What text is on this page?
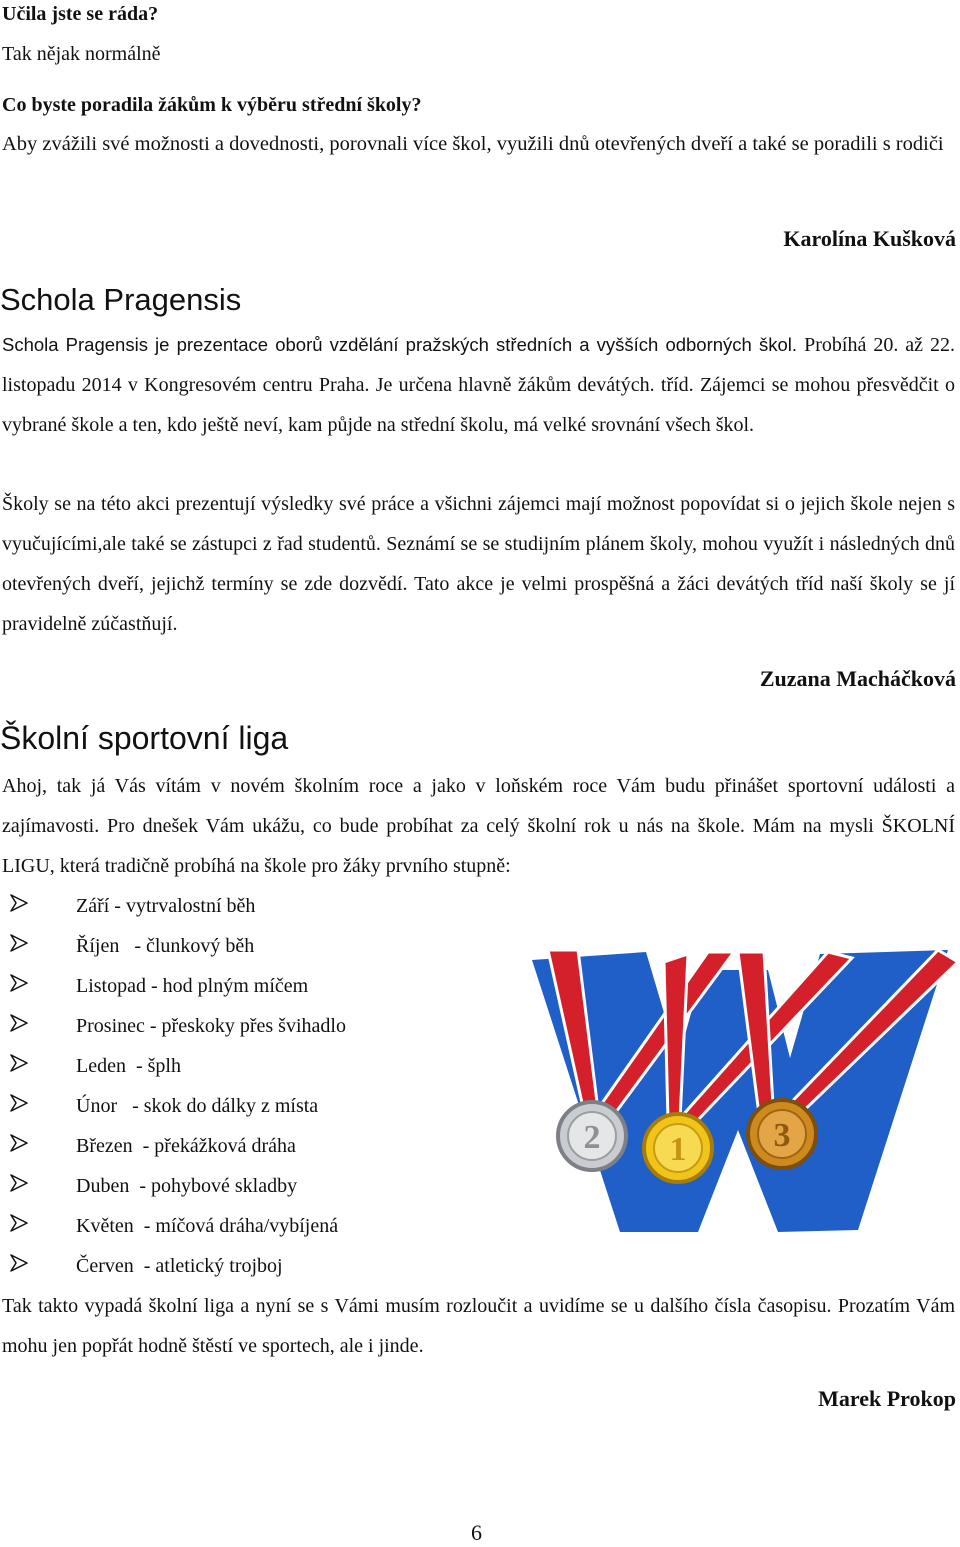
Učila jste se ráda?
Tak nějak normálně
Co byste poradila žákům k výběru střední školy?
Aby zvážili své možnosti a dovednosti, porovnali více škol, využili dnů otevřených dveří a také se poradili s rodiči
Karolína Kušková
Schola Pragensis
Schola Pragensis je prezentace oborů vzdělání pražských středních a vyšších odborných škol. Probíhá 20. až 22. listopadu 2014 v Kongresovém centru Praha. Je určena hlavně žákům devátých. tříd. Zájemci se mohou přesvědčit o vybrané škole a ten, kdo ještě neví, kam půjde na střední školu, má velké srovnání všech škol.
Školy se na této akci prezentují výsledky své práce a všichni zájemci mají možnost popovídat si o jejich škole nejen s vyučujícími,ale také se zástupci z řad studentů. Seznámí se se studijním plánem školy, mohou využít i následných dnů otevřených dveří, jejichž termíny se zde dozvědí. Tato akce je velmi prospěšná a žáci devátých tříd naší školy se jí pravidelně zúčastňují.
Zuzana Macháčková
Školní sportovní liga
Ahoj, tak já Vás vítám v novém školním roce a jako v loňském roce Vám budu přinášet sportovní události a zajímavosti. Pro dnešek Vám ukážu, co bude probíhat za celý školní rok u nás na škole. Mám na mysli ŠKOLNÍ LIGU, která tradičně probíhá na škole pro žáky prvního stupně:
Září - vytrvalostní běh
Říjen   - člunkový běh
Listopad - hod plným míčem
Prosinec - přeskoky přes švihadlo
Leden  - šplh
Únor   - skok do dálky z místa
Březen  - překážková dráha
Duben  - pohybové skladby
Květen  - míčová dráha/vybíjená
Červen  - atletický trojboj
2 1	3
Tak takto vypadá školní liga a nyní se s Vámi musím rozloučit a uvidíme se u dalšího čísla časopisu. Prozatím Vám mohu jen popřát hodně štěstí ve sportech, ale i jinde.
Marek Prokop
6
